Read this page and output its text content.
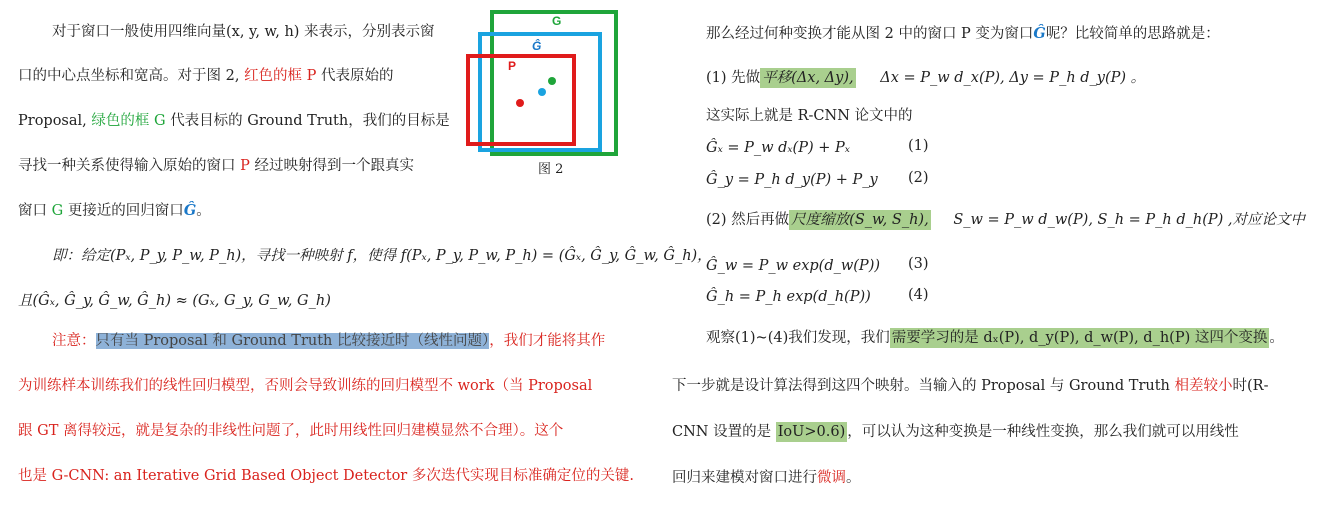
对于窗口一般使用四维向量(x, y, w, h) 来表示，分别表示窗
口的中心点坐标和宽高。对于图 2, 红色的框 P 代表原始的
Proposal, 绿色的框 G 代表目标的 Ground Truth，我们的目标是
寻找一种关系使得输入原始的窗口 P 经过映射得到一个跟真实
窗口 G 更接近的回归窗口Ĝ。
即：给定(Pₓ, P_y, P_w, P_h)，寻找一种映射 f，使得 f(Pₓ, P_y, P_w, P_h) = (Ĝₓ, Ĝ_y, Ĝ_w, Ĝ_h)，
且(Ĝₓ, Ĝ_y, Ĝ_w, Ĝ_h) ≈ (Gₓ, G_y, G_w, G_h)
注意：只有当 Proposal 和 Ground Truth 比较接近时（线性问题），我们才能将其作
为训练样本训练我们的线性回归模型，否则会导致训练的回归模型不 work（当 Proposal
跟 GT 离得较远，就是复杂的非线性问题了，此时用线性回归建模显然不合理）。这个
也是 G-CNN: an Iterative Grid Based Object Detector 多次迭代实现目标准确定位的关键.
G
Ĝ
P
图 2
那么经过何种变换才能从图 2 中的窗口 P 变为窗口Ĝ呢？比较简单的思路就是：
(1) 先做 平移(Δx, Δy), Δx = P_w d_x(P), Δy = P_h d_y(P) 。
这实际上就是 R-CNN 论文中的
Ĝₓ = P_w dₓ(P) + Pₓ	(1)
Ĝ_y = P_h d_y(P) + P_y (2)
(2) 然后再做 尺度缩放(S_w, S_h), S_w = P_w d_w(P), S_h = P_h d_h(P) ,对应论文中
Ĝ_w = P_w exp(d_w(P)) (3)
Ĝ_h = P_h exp(d_h(P))	(4)
观察(1)~(4)我们发现，我们 需要学习的是 dₓ(P), d_y(P), d_w(P), d_h(P) 这四个变换 。
下一步就是设计算法得到这四个映射。当输入的 Proposal 与 Ground Truth 相差较小时(R-
CNN 设置的是 IoU>0.6) ，可以认为这种变换是一种线性变换，那么我们就可以用线性
回归来建模对窗口进行微调。
